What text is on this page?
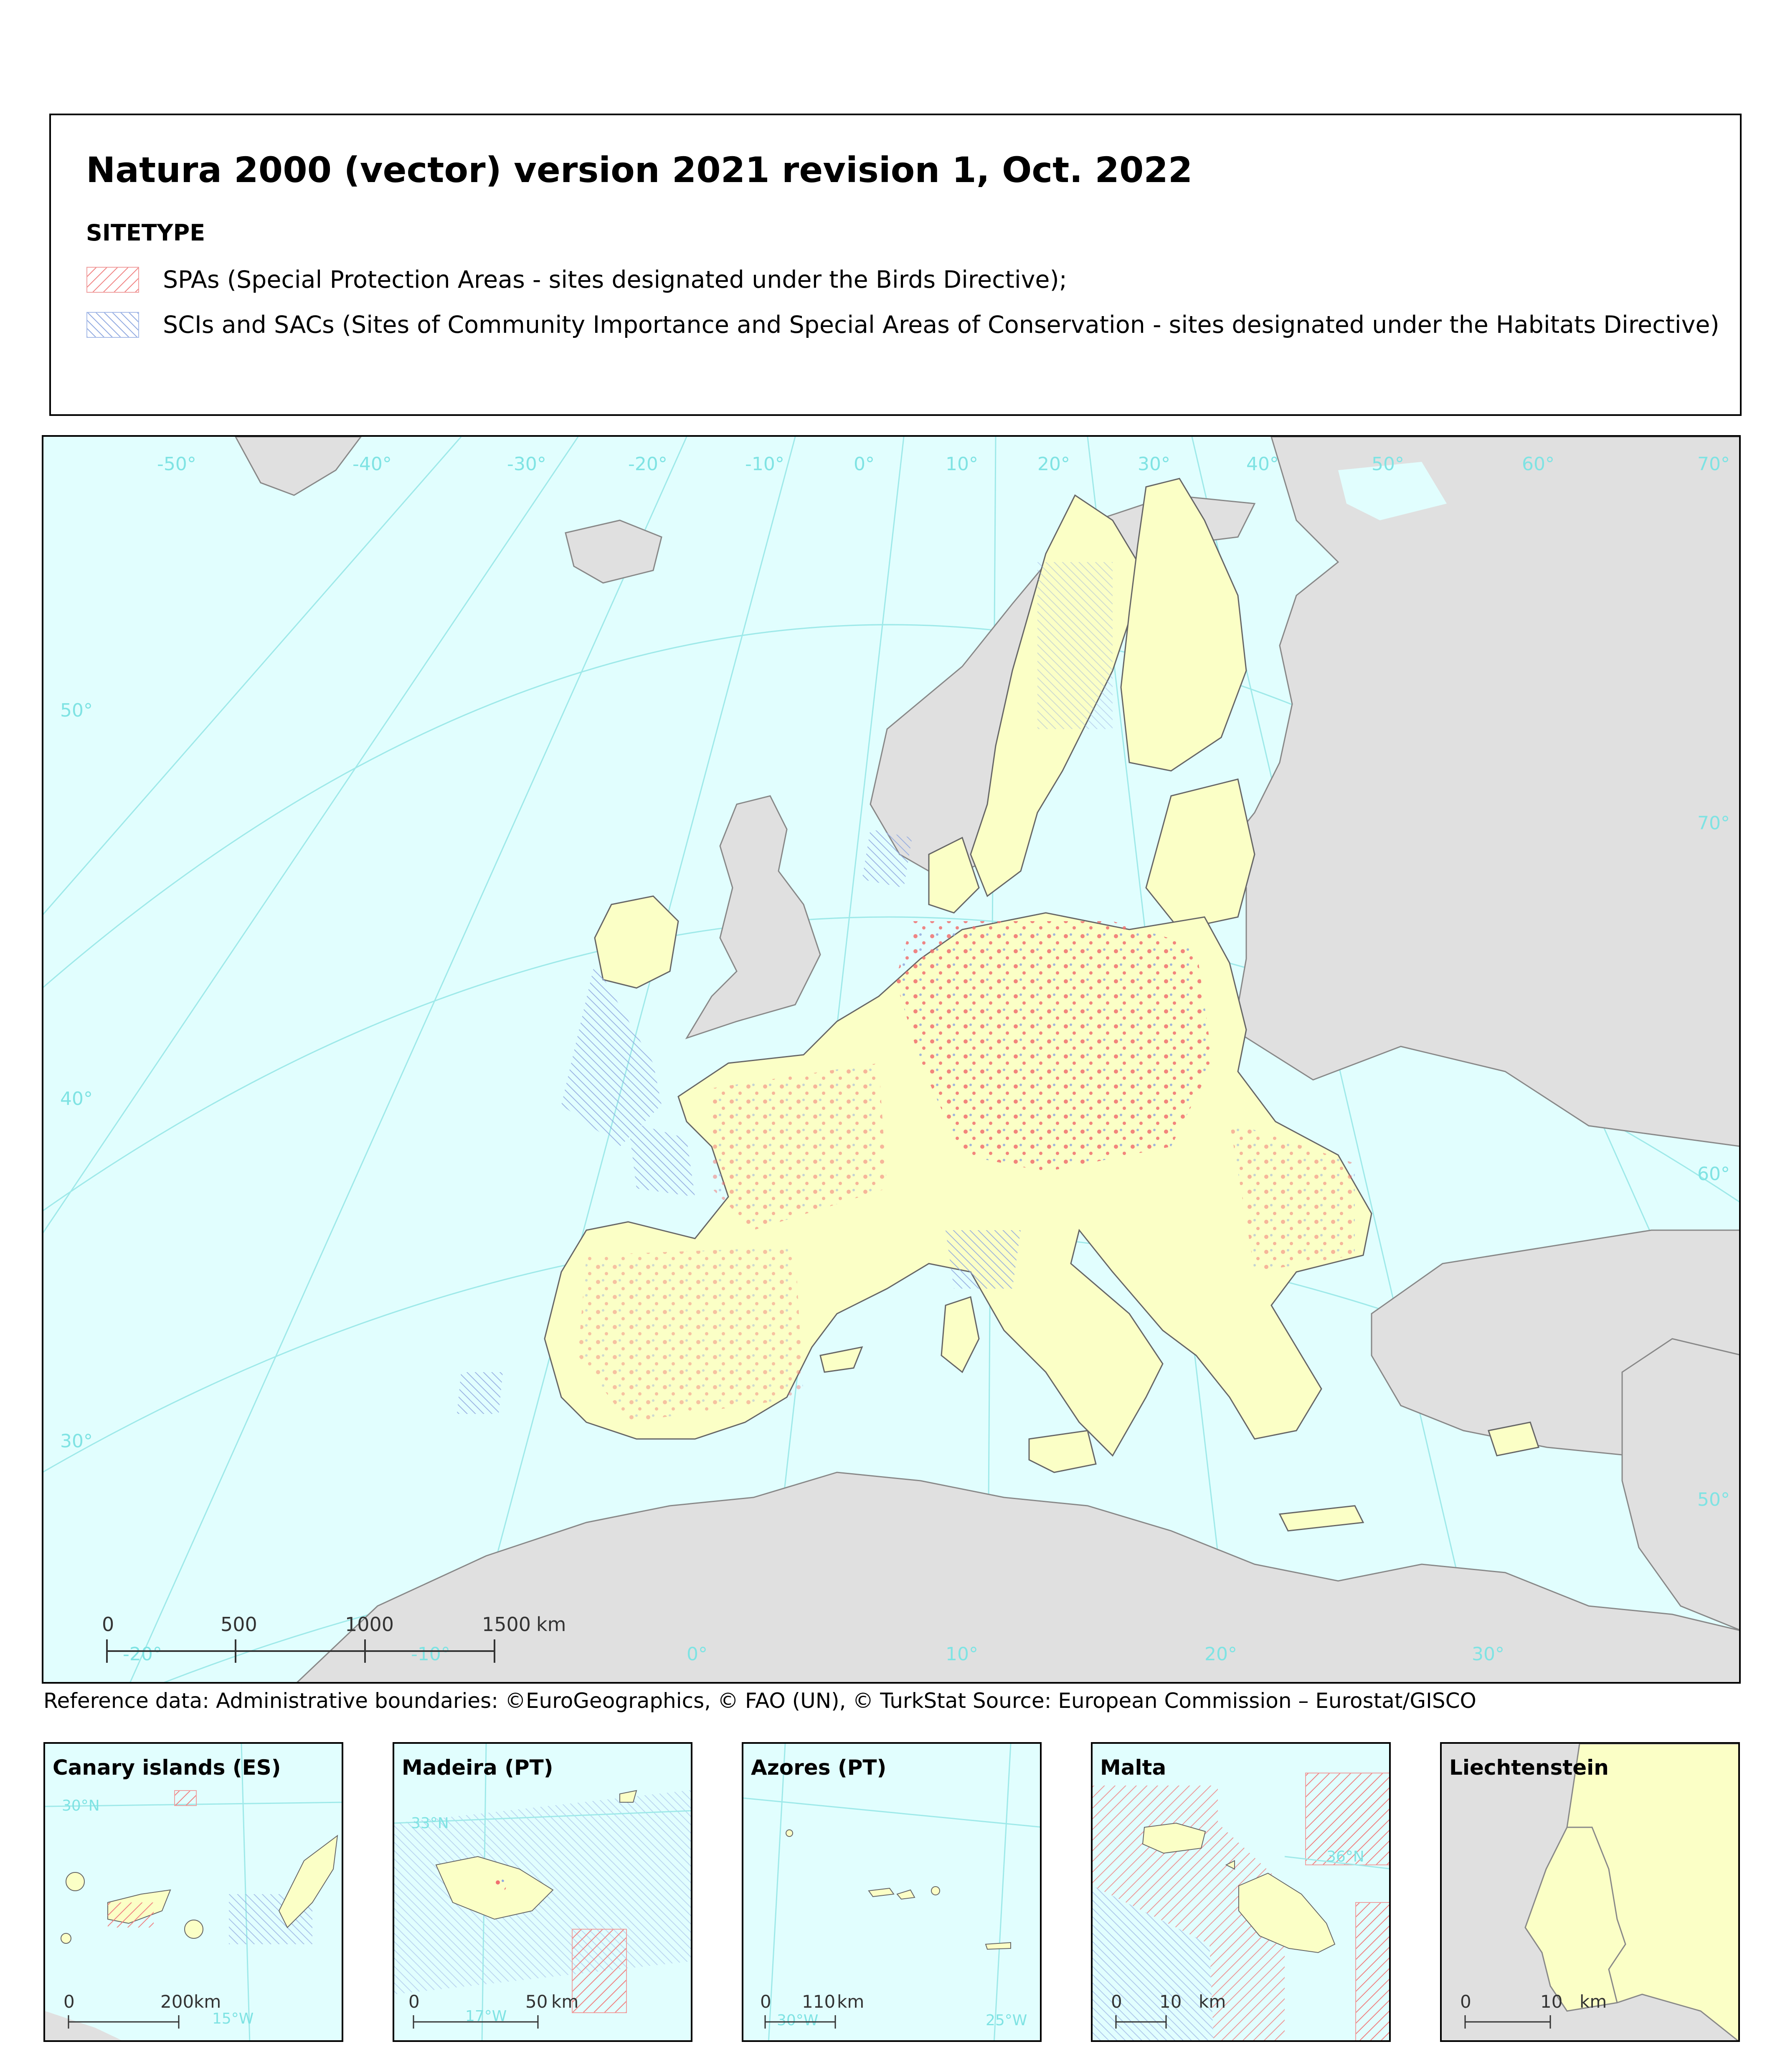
Natura 2000 (vector) version 2021 revision 1, Oct. 2022
SITETYPE
SPAs (Special Protection Areas - sites designated under the Birds Directive);
SCIs and SACs (Sites of Community Importance and Special Areas of Conservation - sites designated under the Habitats Directive)
-50°	-40°	-30°	-20°	-10°	0°	10°	20°	30°	40°	50°	60°	70°
50°
40°
30°
70°
60°
50°
-20°	-10°	0°	10°	20°	30°
0	500	1000	1500 km
Reference data: Administrative boundaries: ©EuroGeographics, © FAO (UN), © TurkStat Source: European Commission – Eurostat/GISCO
30°N
15°W
0	200 km
Canary islands (ES)
33°N
17°W
0	50 km
Madeira (PT)
30°W	25°W
0 110 km
Azores (PT)
36°N
0 10 km
Malta
0	10 km
Liechtenstein
